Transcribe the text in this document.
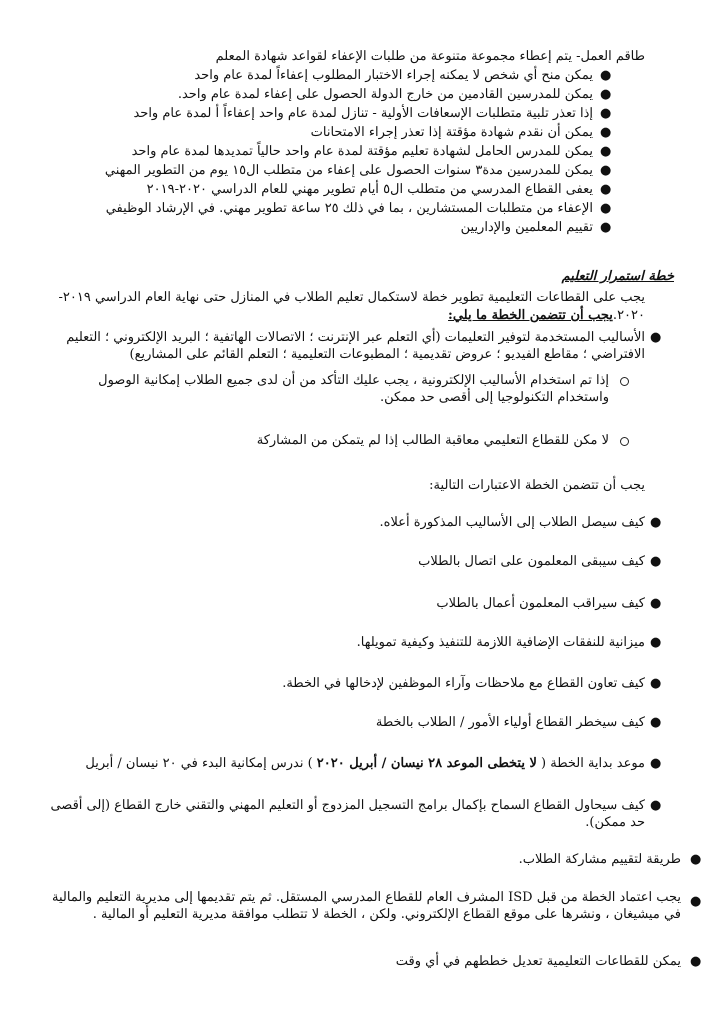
طاقم العمل- يتم إعطاء مجموعة متنوعة من طلبات الإعفاء لقواعد شهادة المعلم
●
يمكن منح أي شخص لا يمكنه إجراء الاختبار المطلوب إعفاءاً لمدة عام واحد
●
يمكن للمدرسين القادمين من خارج الدولة الحصول على إعفاء لمدة عام واحد.
●
إذا تعذر تلبية متطلبات الإسعافات الأولية - تنازل لمدة عام واحد إعفاءاً أ لمدة عام واحد
●
يمكن أن نقدم شهادة مؤقتة إذا تعذر إجراء الامتحانات
●
يمكن للمدرس الحامل لشهادة تعليم مؤقتة لمدة عام واحد حالياً تمديدها لمدة عام واحد
●
يمكن للمدرسين مدة٣ سنوات الحصول على إعفاء من متطلب ال١٥ يوم من التطوير المهني
●
يعفى القطاع المدرسي من متطلب ال٥ أيام تطوير مهني للعام الدراسي ٢٠٢٠-٢٠١٩
●
الإعفاء من متطلبات المستشارين ، بما في ذلك ٢٥ ساعة تطوير مهني. في الإرشاد الوظيفي
●
تقييم المعلمين والإداريين
خطة استمرار التعليم
يجب على القطاعات التعليمية تطوير خطة لاستكمال تعليم الطلاب في المنازل حتى نهاية العام الدراسي ٢٠١٩-
٢٠٢٠.يجب أن تتضمن الخطة ما يلي:
●
الأساليب المستخدمة لتوفير التعليمات (أي التعلم عبر الإنترنت ؛ الاتصالات الهاتفية ؛ البريد الإلكتروني ؛ التعليم الافتراضي ؛ مقاطع الفيديو ؛ عروض تقديمية ؛ المطبوعات التعليمية ؛ التعلم القائم على المشاريع)
إذا تم استخدام الأساليب الإلكترونية ، يجب عليك التأكد من أن لدى جميع الطلاب إمكانية الوصول واستخدام التكنولوجيا إلى أقصى حد ممكن.
لا مكن للقطاع التعليمي معاقبة الطالب إذا لم يتمكن من المشاركة
يجب أن تتضمن الخطة الاعتبارات التالية:
●
كيف سيصل الطلاب إلى الأساليب المذكورة أعلاه.
●
كيف سيبقى المعلمون على اتصال بالطلاب
●
كيف سيراقب المعلمون أعمال بالطلاب
●
ميزانية للنفقات الإضافية اللازمة للتنفيذ وكيفية تمويلها.
●
كيف تعاون القطاع مع ملاحظات وآراء الموظفين لإدخالها في الخطة.
●
كيف سيخطر القطاع أولياء الأمور / الطلاب بالخطة
●
موعد بداية الخطة ( لا يتخطى الموعد ٢٨ نيسان / أبريل ٢٠٢٠ ) ندرس إمكانية البدء في ٢٠ نيسان / أبريل
●
كيف سيحاول القطاع السماح بإكمال برامج التسجيل المزدوج أو التعليم المهني والتقني خارج القطاع (إلى أقصى حد ممكن).
●
طريقة لتقييم مشاركة الطلاب.
●
يجب اعتماد الخطة من قبل ISD المشرف العام للقطاع المدرسي المستقل. ثم يتم تقديمها إلى مديرية التعليم والمالية في ميشيغان ، ونشرها على موقع القطاع الإلكتروني. ولكن ، الخطة لا تتطلب موافقة مديرية التعليم أو المالية .
●
يمكن للقطاعات التعليمية تعديل خططهم في أي وقت
